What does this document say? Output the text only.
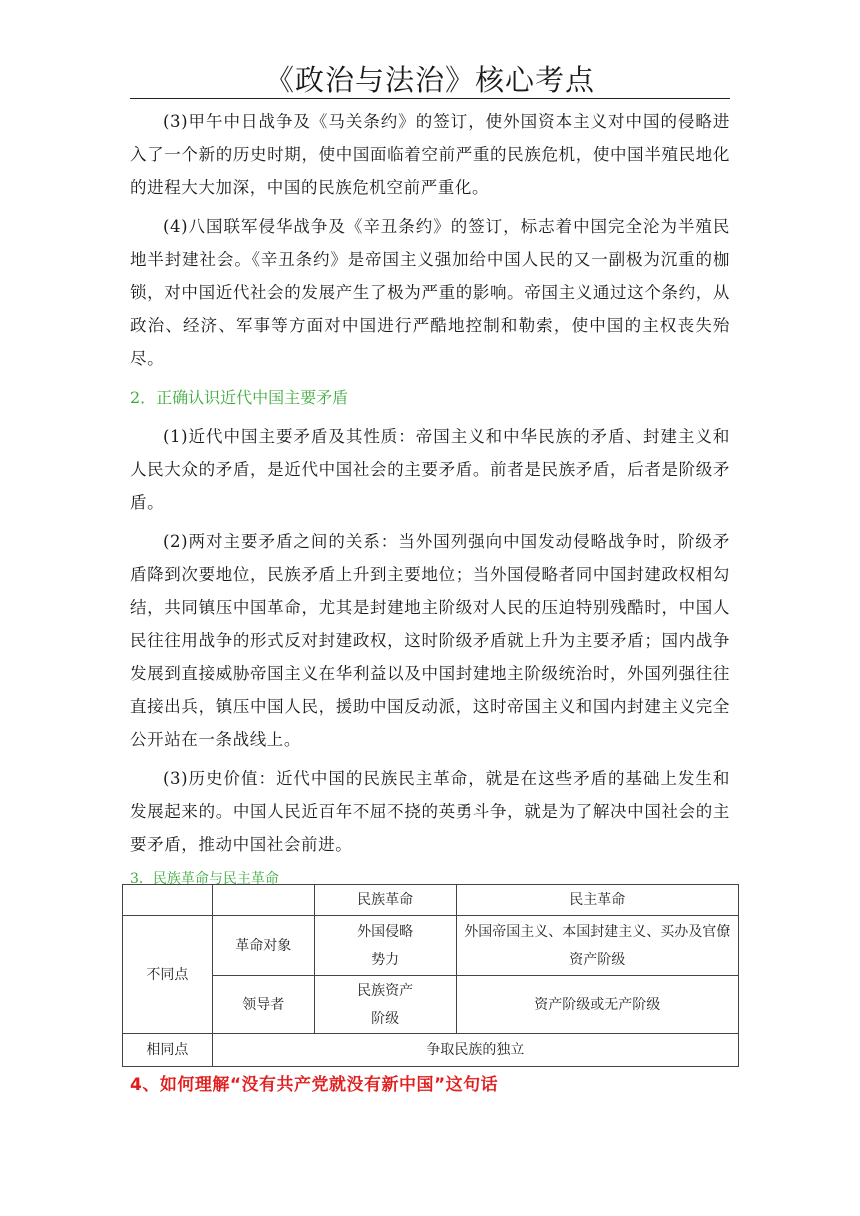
《政治与法治》核心考点

(3)甲午中日战争及《马关条约》的签订，使外国资本主义对中国的侵略进入了一个新的历史时期，使中国面临着空前严重的民族危机，使中国半殖民地化的进程大大加深，中国的民族危机空前严重化。

(4)八国联军侵华战争及《辛丑条约》的签订，标志着中国完全沦为半殖民地半封建社会。《辛丑条约》是帝国主义强加给中国人民的又一副极为沉重的枷锁，对中国近代社会的发展产生了极为严重的影响。帝国主义通过这个条约，从政治、经济、军事等方面对中国进行严酷地控制和勒索，使中国的主权丧失殆尽。

2．正确认识近代中国主要矛盾

(1)近代中国主要矛盾及其性质：帝国主义和中华民族的矛盾、封建主义和人民大众的矛盾，是近代中国社会的主要矛盾。前者是民族矛盾，后者是阶级矛盾。

(2)两对主要矛盾之间的关系：当外国列强向中国发动侵略战争时，阶级矛盾降到次要地位，民族矛盾上升到主要地位；当外国侵略者同中国封建政权相勾结，共同镇压中国革命，尤其是封建地主阶级对人民的压迫特别残酷时，中国人民往往用战争的形式反对封建政权，这时阶级矛盾就上升为主要矛盾；国内战争发展到直接威胁帝国主义在华利益以及中国封建地主阶级统治时，外国列强往往直接出兵，镇压中国人民，援助中国反动派，这时帝国主义和国内封建主义完全公开站在一条战线上。

(3)历史价值：近代中国的民族民主革命，就是在这些矛盾的基础上发生和发展起来的。中国人民近百年不屈不挠的英勇斗争，就是为了解决中国社会的主要矛盾，推动中国社会前进。

3．民族革命与民主革命

		民族革命	民主革命
不同点	革命对象	外国侵略势力	外国帝国主义、本国封建主义、买办及官僚资产阶级
	领导者	民族资产阶级	资产阶级或无产阶级
相同点	争取民族的独立		
4、如何理解“没有共产党就没有新中国”这句话
